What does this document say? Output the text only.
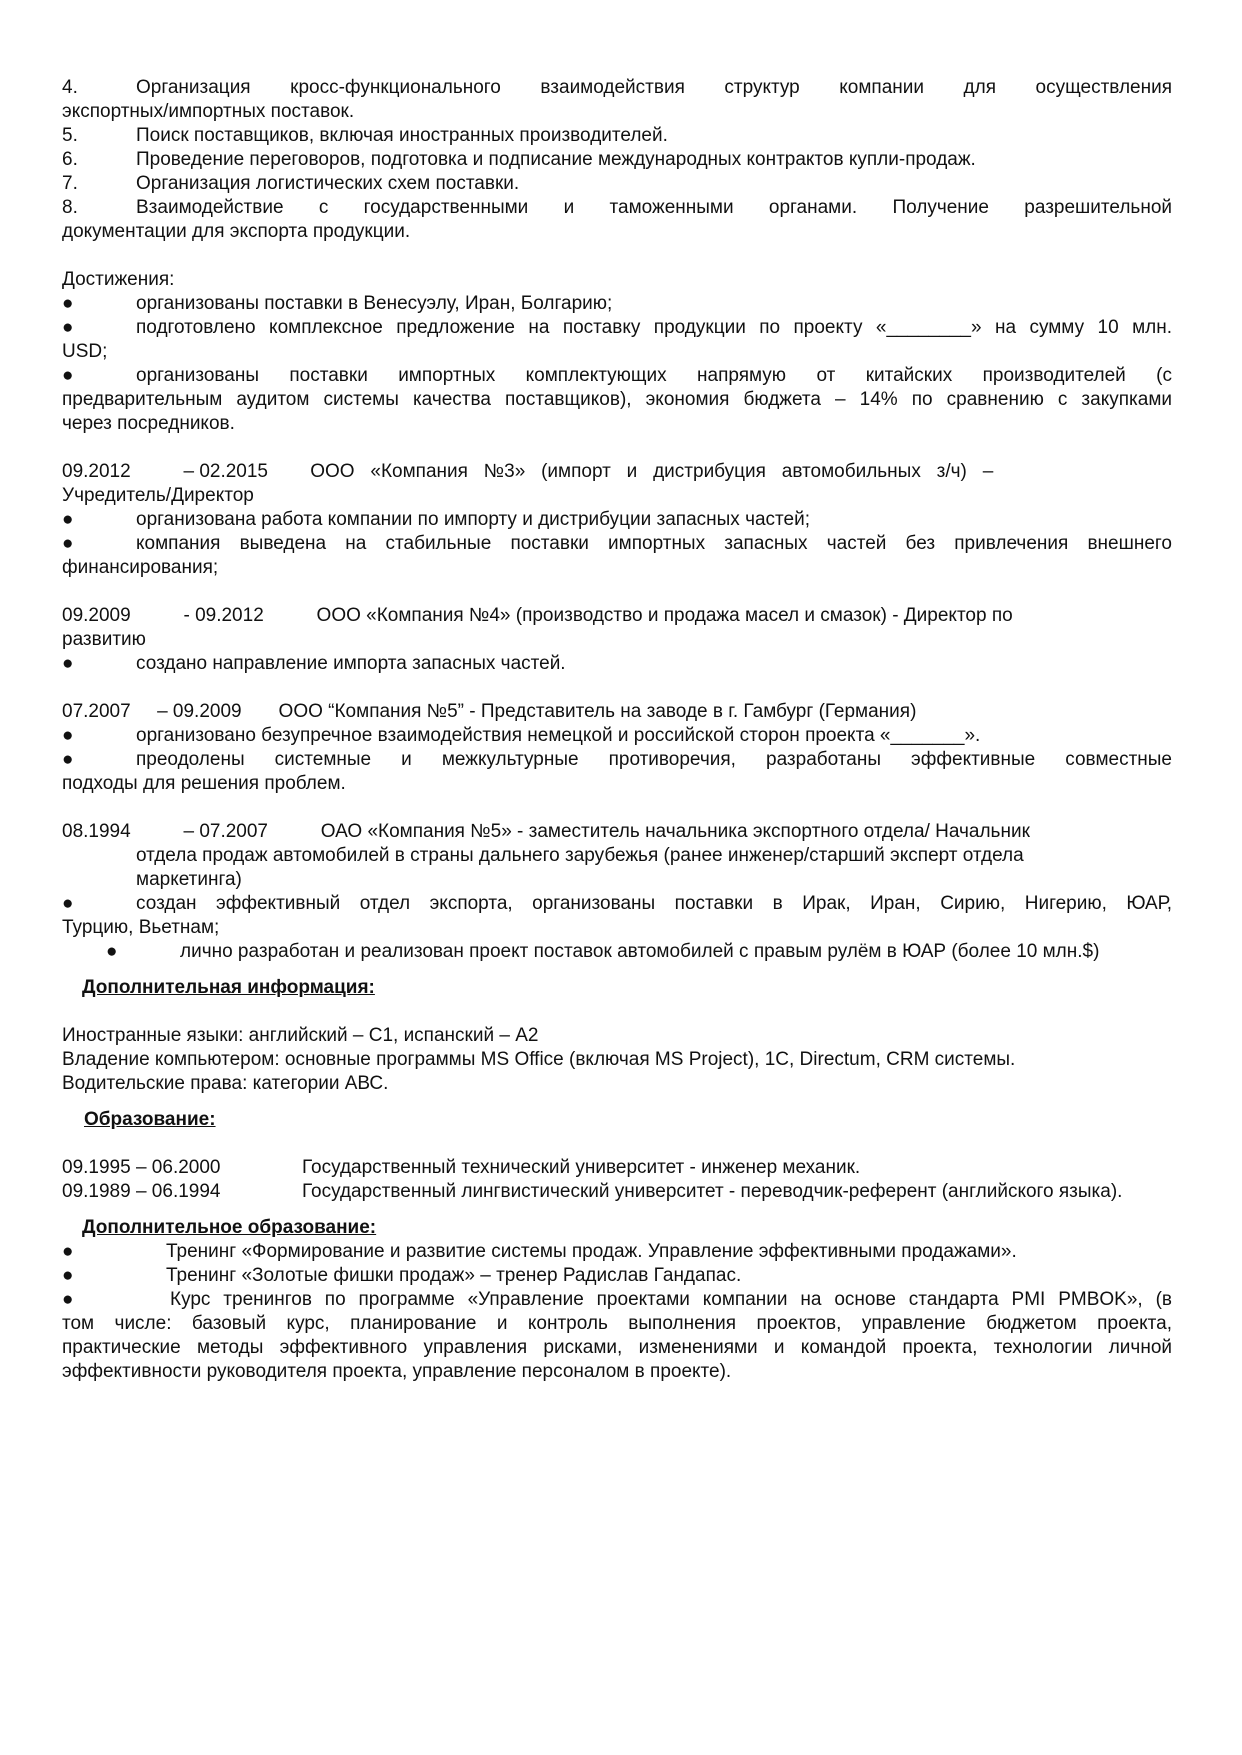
4.	Организация кросс-функционального взаимодействия структур компании для осуществления
экспортных/импортных поставок.
5.	Поиск поставщиков, включая иностранных производителей.
6.	Проведение переговоров, подготовка и подписание международных контрактов купли-продаж.
7.	Организация логистических схем поставки.
8.	Взаимодействие с государственными и таможенными органами. Получение разрешительной
документации для экспорта продукции.
Достижения:
●	организованы поставки в Венесуэлу, Иран, Болгарию;
●	подготовлено комплексное предложение на поставку продукции по проекту «________» на сумму 10 млн.
USD;
●	организованы поставки импортных комплектующих напрямую от китайских производителей (с
предварительным аудитом системы качества поставщиков), экономия бюджета – 14% по сравнению с закупками
через посредников.
09.2012          – 02.2015        ООО   «Компания   №3»   (импорт   и   дистрибуция   автомобильных   з/ч)   –
Учредитель/Директор
●	организована работа компании по импорту и дистрибуции запасных частей;
●	компания выведена на стабильные поставки импортных запасных частей без привлечения внешнего
финансирования;
09.2009          - 09.2012          ООО «Компания №4» (производство и продажа масел и смазок) - Директор по
развитию
●	создано направление импорта запасных частей.
07.2007     – 09.2009       ООО “Компания №5” - Представитель на заводе в г. Гамбург (Германия)
●	организовано безупречное взаимодействия немецкой и российской сторон проекта «_______».
●	преодолены системные и межкультурные противоречия, разработаны эффективные совместные
подходы для решения проблем.
08.1994          – 07.2007          ОАО «Компания №5» - заместитель начальника экспортного отдела/ Начальник
отдела продаж автомобилей в страны дальнего зарубежья (ранее инженер/старший эксперт отдела
маркетинга)
●	создан эффективный отдел экспорта, организованы поставки в Ирак, Иран, Сирию, Нигерию, ЮАР,
Турцию, Вьетнам;
●	лично разработан и реализован проект поставок автомобилей с правым рулём в ЮАР (более 10 млн.$)
Дополнительная информация:
Иностранные языки: английский – С1, испанский – А2
Владение компьютером: основные программы MS Office (включая MS Project), 1С, Directum, CRM системы.
Водительские права: категории АВС.
Образование:
09.1995 – 06.2000	Государственный технический университет - инженер механик.
09.1989 – 06.1994	Государственный лингвистический университет - переводчик-референт (английского языка).
Дополнительное образование:
●	Тренинг «Формирование и развитие системы продаж. Управление эффективными продажами».
●	Тренинг «Золотые фишки продаж» – тренер Радислав Гандапас.
●	Курс тренингов по программе «Управление проектами компании на основе стандарта PMI PMBOK», (в
том числе: базовый курс, планирование и контроль выполнения проектов, управление бюджетом проекта,
практические методы эффективного управления рисками, изменениями и командой проекта, технологии личной
эффективности руководителя проекта, управление персоналом в проекте).
